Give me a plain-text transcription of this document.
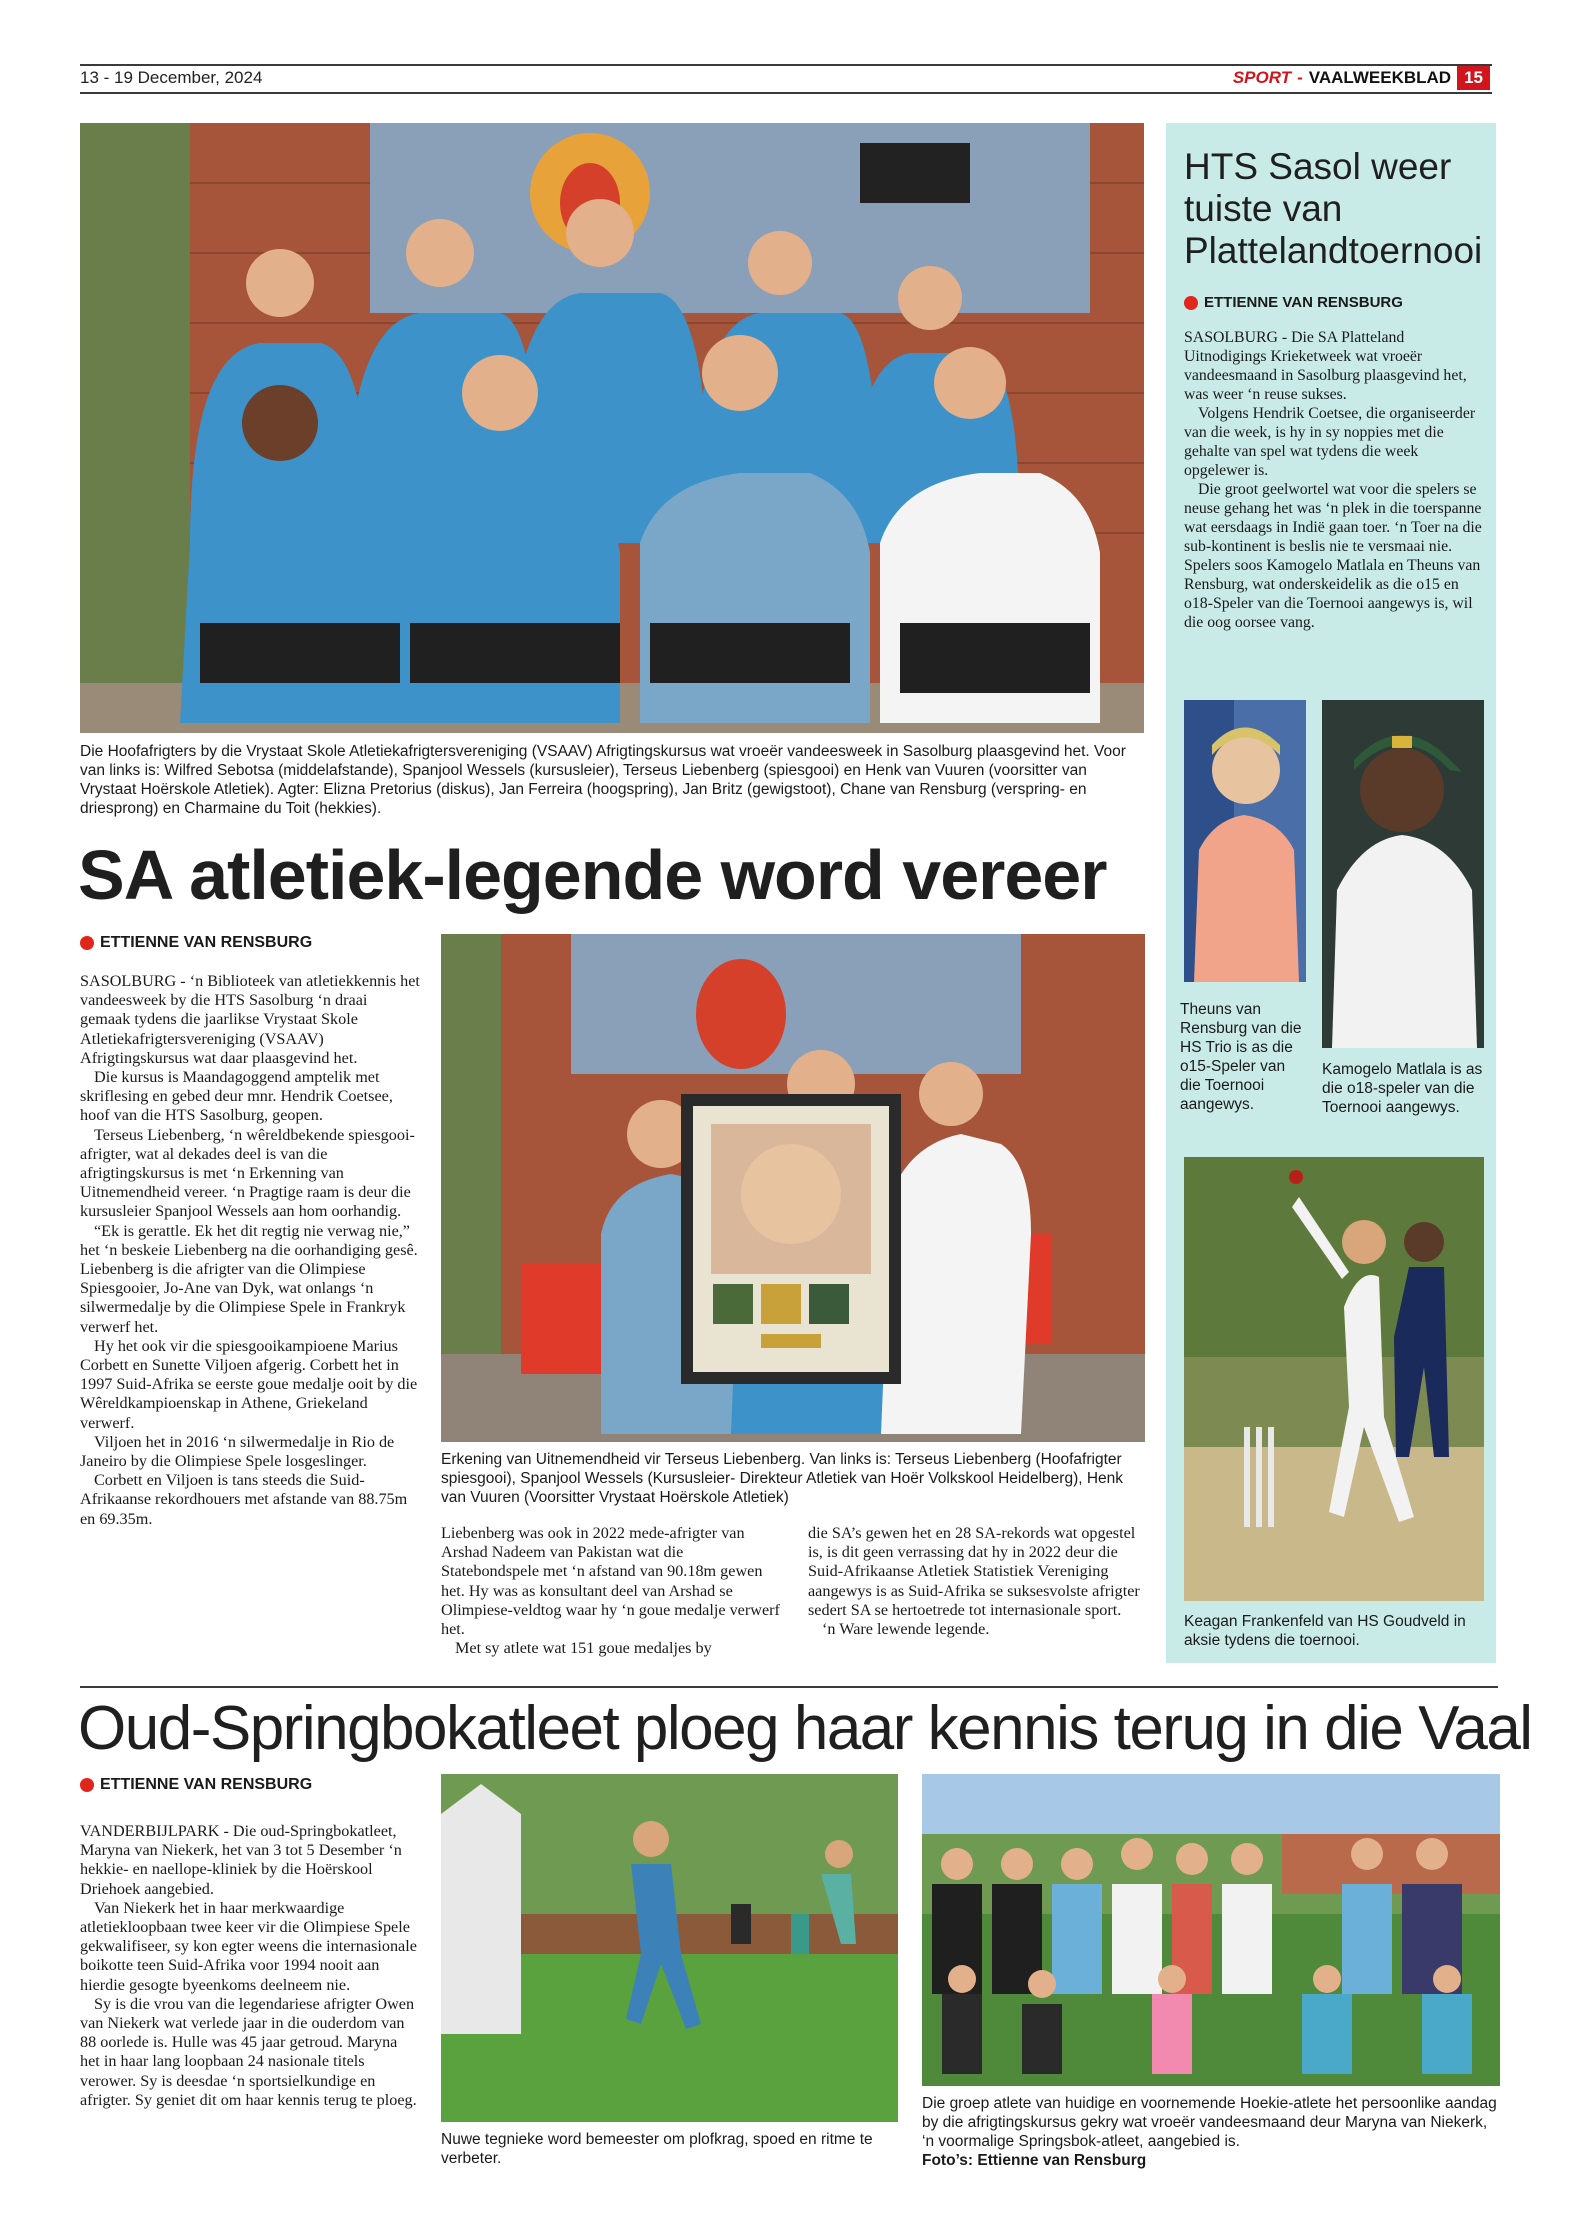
13 - 19 December, 2024	SPORT - VAALWEEKBLAD 15
Die Hoofafrigters by die Vrystaat Skole Atletiekafrigtersvereniging (VSAAV) Afrigtingskursus wat vroeër vandeesweek in Sasolburg plaasgevind het. Voor van links is: Wilfred Sebotsa (middelafstande), Spanjool Wessels (kursusleier), Terseus Liebenberg (spiesgooi) en Henk van Vuuren (voorsitter van Vrystaat Hoërskole Atletiek). Agter: Elizna Pretorius (diskus), Jan Ferreira (hoogspring), Jan Britz (gewigstoot), Chane van Rensburg (verspring- en driesprong) en Charmaine du Toit (hekkies).
SA atletiek-legende word vereer
ETTIENNE VAN RENSBURG

SASOLBURG - ‘n Biblioteek van atletiekkennis het vandeesweek by die HTS Sasolburg ‘n draai gemaak tydens die jaarlikse Vrystaat Skole Atletiekafrigtersvereniging (VSAAV) Afrigtingskursus wat daar plaasgevind het.

Die kursus is Maandagoggend amptelik met skriflesing en gebed deur mnr. Hendrik Coetsee, hoof van die HTS Sasolburg, geopen.

Terseus Liebenberg, ‘n wêreldbekende spiesgooi-afrigter, wat al dekades deel is van die afrigtingskursus is met ‘n Erkenning van Uitnemendheid vereer. ‘n Pragtige raam is deur die kursusleier Spanjool Wessels aan hom oorhandig.

“Ek is gerattle. Ek het dit regtig nie verwag nie,” het ‘n beskeie Liebenberg na die oorhandiging gesê. Liebenberg is die afrigter van die Olimpiese Spiesgooier, Jo-Ane van Dyk, wat onlangs ‘n silwermedalje by die Olimpiese Spele in Frankryk verwerf het.

Hy het ook vir die spiesgooikampioene Marius Corbett en Sunette Viljoen afgerig. Corbett het in 1997 Suid-Afrika se eerste goue medalje ooit by die Wêreldkampioenskap in Athene, Griekeland verwerf.

Viljoen het in 2016 ‘n silwermedalje in Rio de Janeiro by die Olimpiese Spele losgeslinger.

Corbett en Viljoen is tans steeds die Suid-Afrikaanse rekordhouers met afstande van 88.75m en 69.35m.

Erkening van Uitnemendheid vir Terseus Liebenberg. Van links is: Terseus Liebenberg (Hoofafrigter spiesgooi), Spanjool Wessels (Kursusleier- Direkteur Atletiek van Hoër Volkskool Heidelberg), Henk van Vuuren (Voorsitter Vrystaat Hoërskole Atletiek)

Liebenberg was ook in 2022 mede-afrigter van Arshad Nadeem van Pakistan wat die Statebondspele met ‘n afstand van 90.18m gewen het. Hy was as konsultant deel van Arshad se Olimpiese-veldtog waar hy ‘n goue medalje verwerf het.

Met sy atlete wat 151 goue medaljes by

die SA’s gewen het en 28 SA-rekords wat opgestel is, is dit geen verrassing dat hy in 2022 deur die Suid-Afrikaanse Atletiek Statistiek Vereniging aangewys is as Suid-Afrika se suksesvolste afrigter sedert SA se hertoetrede tot internasionale sport.

‘n Ware lewende legende.

HTS Sasol weer tuiste van Plattelandtoernooi
ETTIENNE VAN RENSBURG

SASOLBURG - Die SA Platteland Uitnodigings Krieketweek wat vroeër vandeesmaand in Sasolburg plaasgevind het, was weer ‘n reuse sukses.

Volgens Hendrik Coetsee, die organiseerder van die week, is hy in sy noppies met die gehalte van spel wat tydens die week opgelewer is.

Die groot geelwortel wat voor die spelers se neuse gehang het was ‘n plek in die toerspanne wat eersdaags in Indië gaan toer. ‘n Toer na die sub-kontinent is beslis nie te versmaai nie. Spelers soos Kamogelo Matlala en Theuns van Rensburg, wat onderskeidelik as die o15 en o18-Speler van die Toernooi aangewys is, wil die oog oorsee vang.

Theuns van Rensburg van die HS Trio is as die o15-Speler van die Toernooi aangewys.
Kamogelo Matlala is as die o18-speler van die Toernooi aangewys.
Keagan Frankenfeld van HS Goudveld in aksie tydens die toernooi.
Oud-Springbokatleet ploeg haar kennis terug in die Vaal
ETTIENNE VAN RENSBURG

VANDERBIJLPARK - Die oud-Springbokatleet, Maryna van Niekerk, het van 3 tot 5 Desember ‘n hekkie- en naellope-kliniek by die Hoërskool Driehoek aangebied.

Van Niekerk het in haar merkwaardige atletiekloopbaan twee keer vir die Olimpiese Spele gekwalifiseer, sy kon egter weens die internasionale boikotte teen Suid-Afrika voor 1994 nooit aan hierdie gesogte byeenkoms deelneem nie.

Sy is die vrou van die legendariese afrigter Owen van Niekerk wat verlede jaar in die ouderdom van 88 oorlede is. Hulle was 45 jaar getroud. Maryna het in haar lang loopbaan 24 nasionale titels verower. Sy is deesdae ‘n sportsielkundige en afrigter. Sy geniet dit om haar kennis terug te ploeg.

Nuwe tegnieke word bemeester om plofkrag, spoed en ritme te verbeter.
Die groep atlete van huidige en voornemende Hoekie-atlete het persoonlike aandag by die afrigtingskursus gekry wat vroeër vandeesmaand deur Maryna van Niekerk, ‘n voormalige Springsbok-atleet, aangebied is.
Foto’s: Ettienne van Rensburg
